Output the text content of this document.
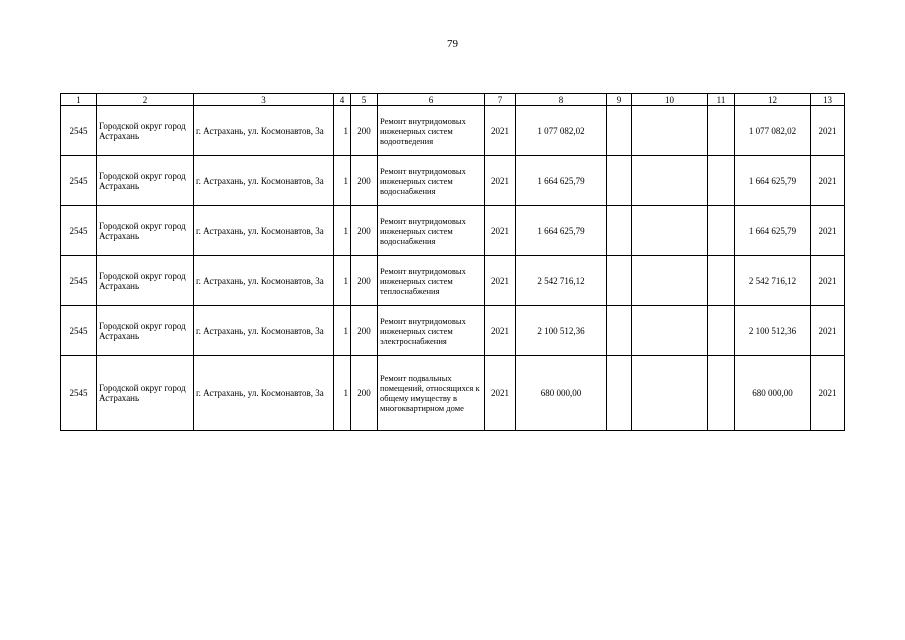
79
1	2	3	4	5	6	7	8	9	10	11	12	13
2545	Городской округ город Астрахань	г. Астрахань, ул. Космонавтов, 3а	1	200	Ремонт внутридомовых инженерных систем водоотведения	2021	1 077 082,02				1 077 082,02	2021
2545	Городской округ город Астрахань	г. Астрахань, ул. Космонавтов, 3а	1	200	Ремонт внутридомовых инженерных систем водоснабжения	2021	1 664 625,79				1 664 625,79	2021
2545	Городской округ город Астрахань	г. Астрахань, ул. Космонавтов, 3а	1	200	Ремонт внутридомовых инженерных систем водоснабжения	2021	1 664 625,79				1 664 625,79	2021
2545	Городской округ город Астрахань	г. Астрахань, ул. Космонавтов, 3а	1	200	Ремонт внутридомовых инженерных систем теплоснабжения	2021	2 542 716,12				2 542 716,12	2021
2545	Городской округ город Астрахань	г. Астрахань, ул. Космонавтов, 3а	1	200	Ремонт внутридомовых инженерных систем электроснабжения	2021	2 100 512,36				2 100 512,36	2021
2545	Городской округ город Астрахань	г. Астрахань, ул. Космонавтов, 3а	1	200	Ремонт подвальных помещений, относящихся к общему имуществу в многоквартирном доме	2021	680 000,00				680 000,00	2021
